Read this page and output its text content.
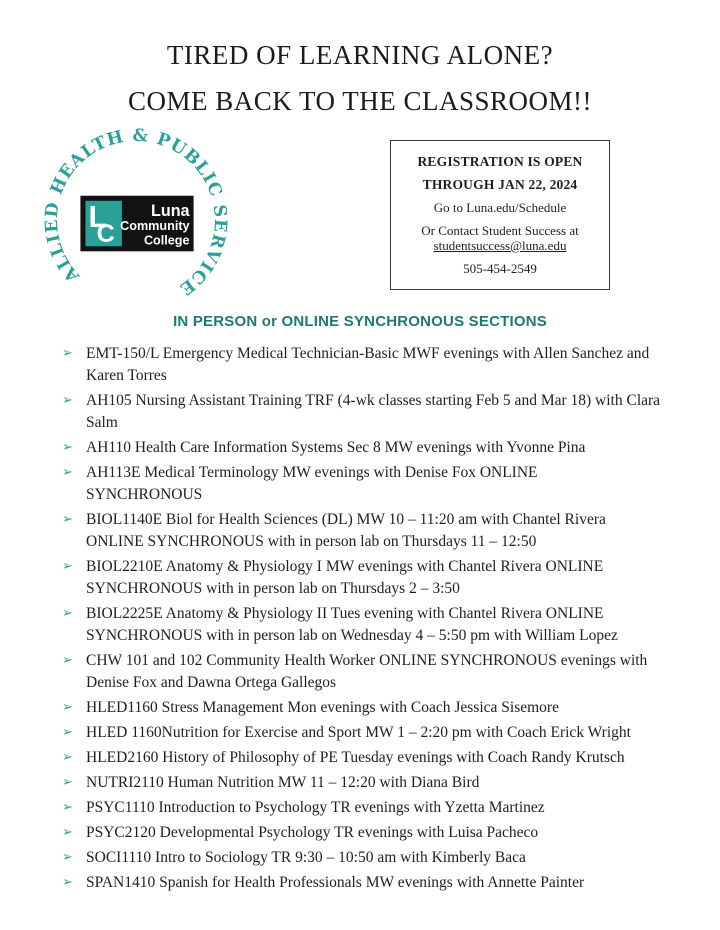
TIRED OF LEARNING ALONE?
COME BACK TO THE CLASSROOM!!
ALLIED HEALTH & PUBLIC SERVICE
L
C
Luna
Community
College
REGISTRATION IS OPEN
THROUGH JAN 22, 2024
Go to Luna.edu/Schedule
Or Contact Student Success at
studentsuccess@luna.edu
505-454-2549
IN PERSON or ONLINE SYNCHRONOUS SECTIONS
➢ EMT-150/L Emergency Medical Technician-Basic MWF evenings with Allen Sanchez and
Karen Torres
➢ AH105 Nursing Assistant Training TRF (4-wk classes starting Feb 5 and Mar 18) with Clara
Salm
➢ AH110 Health Care Information Systems Sec 8 MW evenings with Yvonne Pina
➢ AH113E Medical Terminology MW evenings with Denise Fox ONLINE
SYNCHRONOUS
➢ BIOL1140E Biol for Health Sciences (DL) MW 10 – 11:20 am with Chantel Rivera
ONLINE SYNCHRONOUS with in person lab on Thursdays 11 – 12:50
➢ BIOL2210E Anatomy & Physiology I MW evenings with Chantel Rivera ONLINE
SYNCHRONOUS with in person lab on Thursdays 2 – 3:50
➢ BIOL2225E Anatomy & Physiology II Tues evening with Chantel Rivera ONLINE
SYNCHRONOUS with in person lab on Wednesday 4 – 5:50 pm with William Lopez
➢ CHW 101 and 102 Community Health Worker ONLINE SYNCHRONOUS evenings with
Denise Fox and Dawna Ortega Gallegos
➢ HLED1160 Stress Management Mon evenings with Coach Jessica Sisemore
➢ HLED 1160Nutrition for Exercise and Sport MW 1 – 2:20 pm with Coach Erick Wright
➢ HLED2160 History of Philosophy of PE Tuesday evenings with Coach Randy Krutsch
➢ NUTRI2110 Human Nutrition MW 11 – 12:20 with Diana Bird
➢ PSYC1110 Introduction to Psychology TR evenings with Yzetta Martinez
➢ PSYC2120 Developmental Psychology TR evenings with Luisa Pacheco
➢ SOCI1110 Intro to Sociology TR 9:30 – 10:50 am with Kimberly Baca
➢ SPAN1410 Spanish for Health Professionals MW evenings with Annette Painter
